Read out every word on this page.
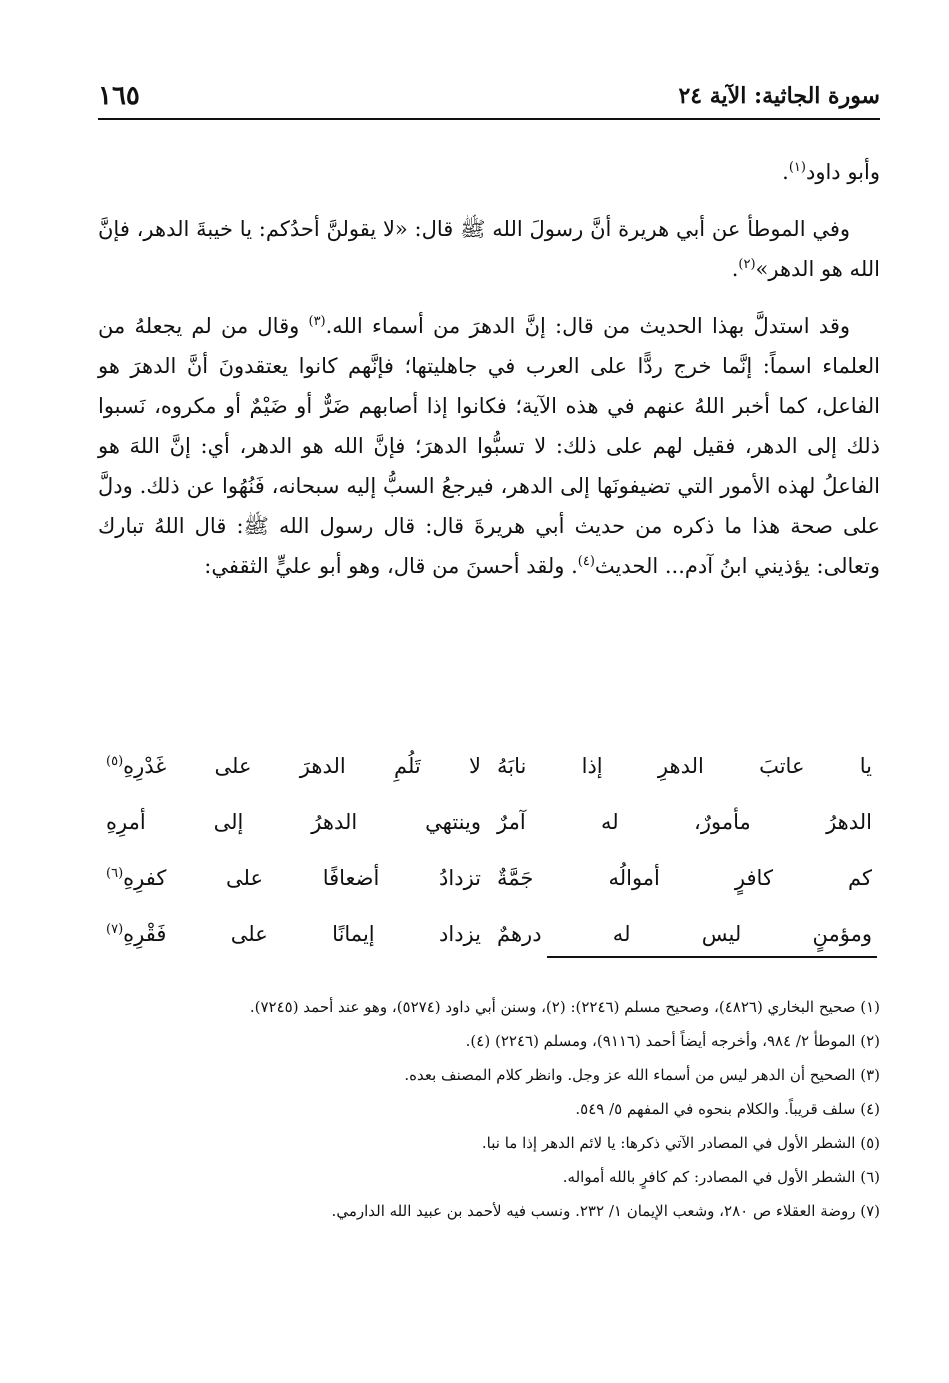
١٦٥	سورة الجاثية: الآية ٢٤

وأبو داود$^{(١)}$.

وفي الموطأ عن أبي هريرة أنَّ رسولَ الله ﷺ قال: «لا يقولنَّ أحدُكم: يا خيبةَ الدهر، فإنَّ الله هو الدهر»$^{(٢)}$.

وقد استدلَّ بهذا الحديث من قال: إنَّ الدهرَ من أسماء الله.$^{(٣)}$ وقال من لم يجعلهُ من العلماء اسماً: إنَّما خرج ردًّا على العرب في جاهليتها؛ فإنَّهم كانوا يعتقدونَ أنَّ الدهرَ هو الفاعل، كما أخبر اللهُ عنهم في هذه الآية؛ فكانوا إذا أصابهم ضَرٌّ أو ضَيْمٌ أو مكروه، نَسبوا ذلك إلى الدهر، فقيل لهم على ذلك: لا تسبُّوا الدهرَ؛ فإنَّ الله هو الدهر، أي: إنَّ اللهَ هو الفاعلُ لهذه الأمور التي تضيفونَها إلى الدهر، فيرجعُ السبُّ إليه سبحانه، فَنُهُوا عن ذلك. ودلَّ على صحة هذا ما ذكره من حديث أبي هريرةَ قال: قال رسول الله ﷺ: قال اللهُ تبارك وتعالى: يؤذيني ابنُ آدم... الحديث$^{(٤)}$. ولقد أحسنَ من قال، وهو أبو عليٍّ الثقفي:

يا عاتبَ الدهرِ إذا نابَهُ
لا تَلُمِ الدهرَ على غَدْرِهِ$^{(٥)}$
الدهرُ مأمورٌ، له آمرٌ
وينتهي الدهرُ إلى أمرِهِ
كم كافرٍ أموالُه جَمَّةٌ
تزدادُ أضعافًا على كفرِهِ$^{(٦)}$
ومؤمنٍ ليس له درهمٌ
يزداد إيمانًا على فَقْرِهِ$^{(٧)}$
(١) صحيح البخاري (٤٨٢٦)، وصحيح مسلم (٢٢٤٦): (٢)، وسنن أبي داود (٥٢٧٤)، وهو عند أحمد (٧٢٤٥).
(٢) الموطأ ٢/ ٩٨٤، وأخرجه أيضاً أحمد (٩١١٦)، ومسلم (٢٢٤٦) (٤).
(٣) الصحيح أن الدهر ليس من أسماء الله عز وجل. وانظر كلام المصنف بعده.
(٤) سلف قريباً. والكلام بنحوه في المفهم ٥/ ٥٤٩.
(٥) الشطر الأول في المصادر الآتي ذكرها: يا لائم الدهر إذا ما نبا.
(٦) الشطر الأول في المصادر: كم كافرٍ بالله أمواله.
(٧) روضة العقلاء ص ٢٨٠، وشعب الإيمان ١/ ٢٣٢. ونسب فيه لأحمد بن عبيد الله الدارمي.
